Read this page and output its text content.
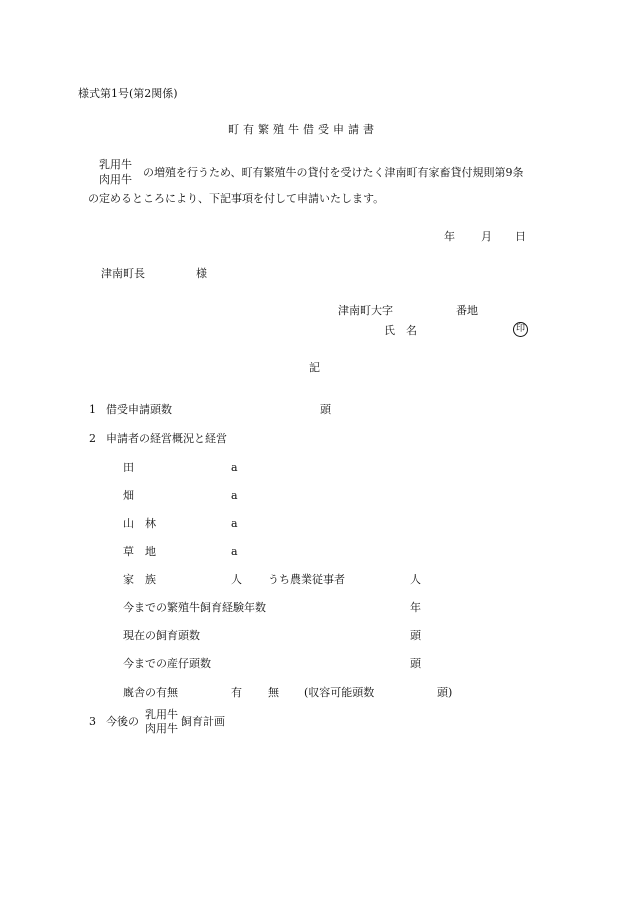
様式第1号(第2関係)
町有繁殖牛借受申請書
乳用牛
肉用牛
の増殖を行うため、町有繁殖牛の貸付を受けたく津南町有家畜貸付規則第9条
の定めるところにより、下記事項を付して申請いたします。
年 月 日
津南町長	様
津南町大字	番地
氏　名	印
記
1 借受申請頭数	頭
2 申請者の経営概況と経営
田	a
畑	a
山　林	a
草　地	a
家　族	人 うち農業従事者	人
今までの繁殖牛飼育経験年数	年
現在の飼育頭数	頭
今までの産仔頭数	頭
廐舎の有無	有 無 (収容可能頭数	頭)
3 今後の
乳用牛
肉用牛
飼育計画
